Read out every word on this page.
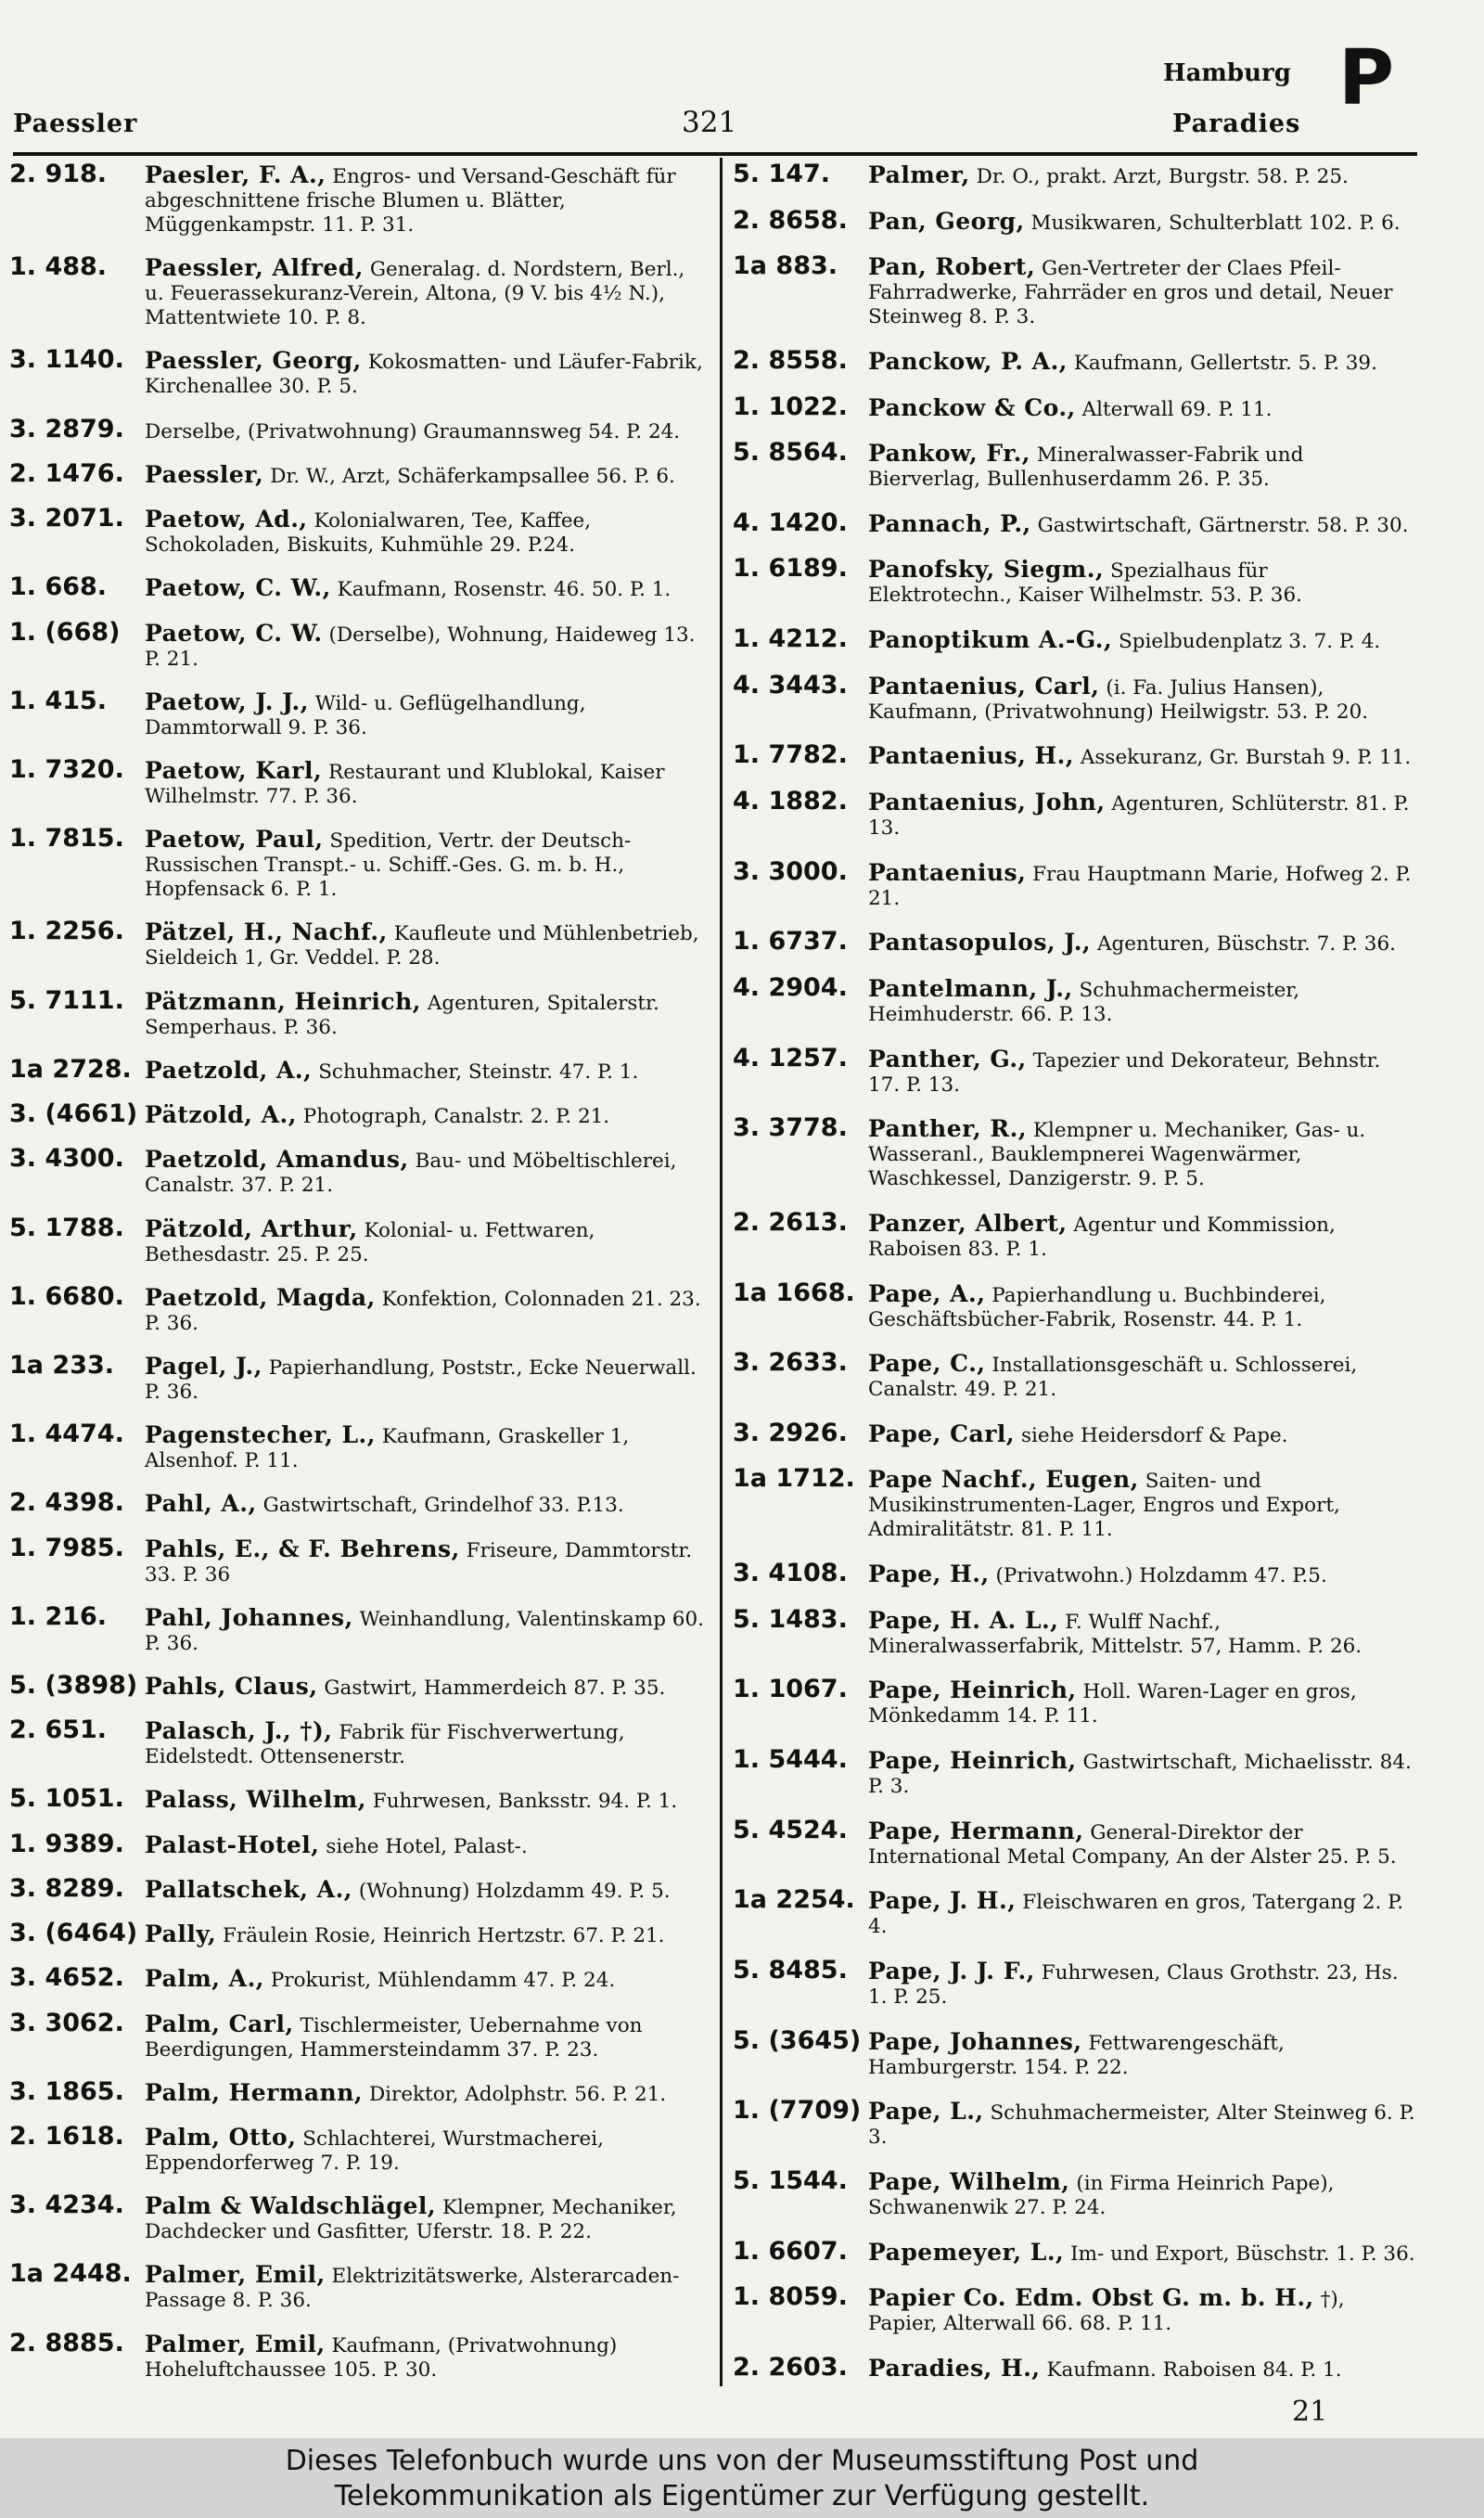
Paessler	321
Hamburg
Paradies
P
2. 918. Paesler, F. A., Engros- und Versand-Geschäft für abgeschnittene frische Blumen u. Blätter, Müggenkampstr. 11. P. 31.
1. 488. Paessler, Alfred, Generalag. d. Nordstern, Berl., u. Feuerassekuranz-Verein, Altona, (9 V. bis 4½ N.), Mattentwiete 10. P. 8.
3. 1140. Paessler, Georg, Kokosmatten- und Läufer-Fabrik, Kirchenallee 30. P. 5.
3. 2879. Derselbe, (Privatwohnung) Graumannsweg 54. P. 24.
2. 1476. Paessler, Dr. W., Arzt, Schäferkampsallee 56. P. 6.
3. 2071. Paetow, Ad., Kolonialwaren, Tee, Kaffee, Schokoladen, Biskuits, Kuhmühle 29. P.24.
1. 668. Paetow, C. W., Kaufmann, Rosenstr. 46. 50. P. 1.
1. (668) Paetow, C. W. (Derselbe), Wohnung, Haideweg 13. P. 21.
1. 415. Paetow, J. J., Wild- u. Geflügelhandlung, Dammtorwall 9. P. 36.
1. 7320. Paetow, Karl, Restaurant und Klublokal, Kaiser Wilhelmstr. 77. P. 36.
1. 7815. Paetow, Paul, Spedition, Vertr. der Deutsch-Russischen Transpt.- u. Schiff.-Ges. G. m. b. H., Hopfensack 6. P. 1.
1. 2256. Pätzel, H., Nachf., Kaufleute und Mühlenbetrieb, Sieldeich 1, Gr. Veddel. P. 28.
5. 7111. Pätzmann, Heinrich, Agenturen, Spitalerstr. Semperhaus. P. 36.
1a 2728. Paetzold, A., Schuhmacher, Steinstr. 47. P. 1.
3. (4661) Pätzold, A., Photograph, Canalstr. 2. P. 21.
3. 4300. Paetzold, Amandus, Bau- und Möbeltischlerei, Canalstr. 37. P. 21.
5. 1788. Pätzold, Arthur, Kolonial- u. Fettwaren, Bethesdastr. 25. P. 25.
1. 6680. Paetzold, Magda, Konfektion, Colonnaden 21. 23. P. 36.
1a 233. Pagel, J., Papierhandlung, Poststr., Ecke Neuerwall. P. 36.
1. 4474. Pagenstecher, L., Kaufmann, Graskeller 1, Alsenhof. P. 11.
2. 4398. Pahl, A., Gastwirtschaft, Grindelhof 33. P.13.
1. 7985. Pahls, E., & F. Behrens, Friseure, Dammtorstr. 33. P. 36
1. 216. Pahl, Johannes, Weinhandlung, Valentinskamp 60. P. 36.
5. (3898) Pahls, Claus, Gastwirt, Hammerdeich 87. P. 35.
2. 651. Palasch, J., †), Fabrik für Fischverwertung, Eidelstedt. Ottensenerstr.
5. 1051. Palass, Wilhelm, Fuhrwesen, Banksstr. 94. P. 1.
1. 9389. Palast-Hotel, siehe Hotel, Palast-.
3. 8289. Pallatschek, A., (Wohnung) Holzdamm 49. P. 5.
3. (6464) Pally, Fräulein Rosie, Heinrich Hertzstr. 67. P. 21.
3. 4652. Palm, A., Prokurist, Mühlendamm 47. P. 24.
3. 3062. Palm, Carl, Tischlermeister, Uebernahme von Beerdigungen, Hammersteindamm 37. P. 23.
3. 1865. Palm, Hermann, Direktor, Adolphstr. 56. P. 21.
2. 1618. Palm, Otto, Schlachterei, Wurstmacherei, Eppendorferweg 7. P. 19.
3. 4234. Palm & Waldschlägel, Klempner, Mechaniker, Dachdecker und Gasfitter, Uferstr. 18. P. 22.
1a 2448. Palmer, Emil, Elektrizitätswerke, Alsterarcaden-Passage 8. P. 36.
2. 8885. Palmer, Emil, Kaufmann, (Privatwohnung) Hoheluftchaussee 105. P. 30.
5. 147. Palmer, Dr. O., prakt. Arzt, Burgstr. 58. P. 25.
2. 8658. Pan, Georg, Musikwaren, Schulterblatt 102. P. 6.
1a 883. Pan, Robert, Gen-Vertreter der Claes Pfeil-Fahrradwerke, Fahrräder en gros und detail, Neuer Steinweg 8. P. 3.
2. 8558. Panckow, P. A., Kaufmann, Gellertstr. 5. P. 39.
1. 1022. Panckow & Co., Alterwall 69. P. 11.
5. 8564. Pankow, Fr., Mineralwasser-Fabrik und Bierverlag, Bullenhuserdamm 26. P. 35.
4. 1420. Pannach, P., Gastwirtschaft, Gärtnerstr. 58. P. 30.
1. 6189. Panofsky, Siegm., Spezialhaus für Elektrotechn., Kaiser Wilhelmstr. 53. P. 36.
1. 4212. Panoptikum A.-G., Spielbudenplatz 3. 7. P. 4.
4. 3443. Pantaenius, Carl, (i. Fa. Julius Hansen), Kaufmann, (Privatwohnung) Heilwigstr. 53. P. 20.
1. 7782. Pantaenius, H., Assekuranz, Gr. Burstah 9. P. 11.
4. 1882. Pantaenius, John, Agenturen, Schlüterstr. 81. P. 13.
3. 3000. Pantaenius, Frau Hauptmann Marie, Hofweg 2. P. 21.
1. 6737. Pantasopulos, J., Agenturen, Büschstr. 7. P. 36.
4. 2904. Pantelmann, J., Schuhmachermeister, Heimhuderstr. 66. P. 13.
4. 1257. Panther, G., Tapezier und Dekorateur, Behnstr. 17. P. 13.
3. 3778. Panther, R., Klempner u. Mechaniker, Gas- u. Wasseranl., Bauklempnerei Wagenwärmer, Waschkessel, Danzigerstr. 9. P. 5.
2. 2613. Panzer, Albert, Agentur und Kommission, Raboisen 83. P. 1.
1a 1668. Pape, A., Papierhandlung u. Buchbinderei, Geschäftsbücher-Fabrik, Rosenstr. 44. P. 1.
3. 2633. Pape, C., Installationsgeschäft u. Schlosserei, Canalstr. 49. P. 21.
3. 2926. Pape, Carl, siehe Heidersdorf & Pape.
1a 1712. Pape Nachf., Eugen, Saiten- und Musikinstrumenten-Lager, Engros und Export, Admiralitätstr. 81. P. 11.
3. 4108. Pape, H., (Privatwohn.) Holzdamm 47. P.5.
5. 1483. Pape, H. A. L., F. Wulff Nachf., Mineralwasserfabrik, Mittelstr. 57, Hamm. P. 26.
1. 1067. Pape, Heinrich, Holl. Waren-Lager en gros, Mönkedamm 14. P. 11.
1. 5444. Pape, Heinrich, Gastwirtschaft, Michaelisstr. 84. P. 3.
5. 4524. Pape, Hermann, General-Direktor der International Metal Company, An der Alster 25. P. 5.
1a 2254. Pape, J. H., Fleischwaren en gros, Tatergang 2. P. 4.
5. 8485. Pape, J. J. F., Fuhrwesen, Claus Grothstr. 23, Hs. 1. P. 25.
5. (3645) Pape, Johannes, Fettwarengeschäft, Hamburgerstr. 154. P. 22.
1. (7709) Pape, L., Schuhmachermeister, Alter Steinweg 6. P. 3.
5. 1544. Pape, Wilhelm, (in Firma Heinrich Pape), Schwanenwik 27. P. 24.
1. 6607. Papemeyer, L., Im- und Export, Büschstr. 1. P. 36.
1. 8059. Papier Co. Edm. Obst G. m. b. H., †), Papier, Alterwall 66. 68. P. 11.
2. 2603. Paradies, H., Kaufmann. Raboisen 84. P. 1.
21
Dieses Telefonbuch wurde uns von der Museumsstiftung Post und
Telekommunikation als Eigentümer zur Verfügung gestellt.
